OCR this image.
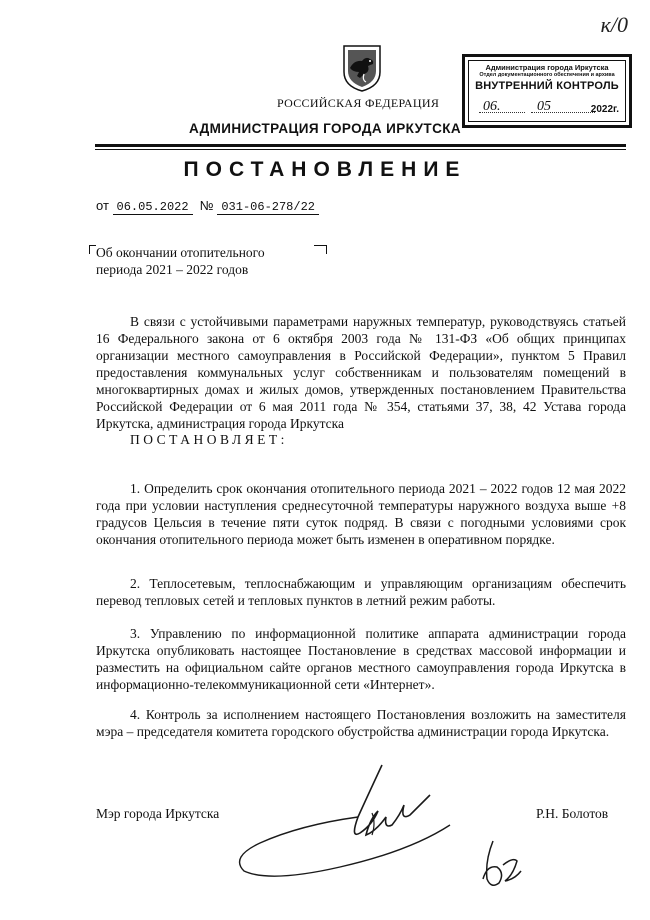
к/0
РОССИЙСКАЯ ФЕДЕРАЦИЯ
Администрация города Иркутска
Отдел документационного обеспечения и архива
ВНУТРЕННИЙ КОНТРОЛЬ
06.	05	2022г.
АДМИНИСТРАЦИЯ ГОРОДА ИРКУТСКА
ПОСТАНОВЛЕНИЕ
от 06.05.2022 № 031-06-278/22
Об окончании отопительного
периода 2021 – 2022 годов
В связи с устойчивыми параметрами наружных температур, руководствуясь статьей 16 Федерального закона от 6 октября 2003 года № 131-ФЗ «Об общих принципах организации местного самоуправления в Российской Федерации», пунктом 5 Правил предоставления коммунальных услуг собственникам и пользователям помещений в многоквартирных домах и жилых домов, утвержденных постановлением Правительства Российской Федерации от 6 мая 2011 года № 354, статьями 37, 38, 42 Устава города Иркутска, администрация города Иркутска
ПОСТАНОВЛЯЕТ:
1. Определить срок окончания отопительного периода 2021 – 2022 годов 12 мая 2022 года при условии наступления среднесуточной температуры наружного воздуха выше +8 градусов Цельсия в течение пяти суток подряд. В связи с погодными условиями срок окончания отопительного периода может быть изменен в оперативном порядке.
2. Теплосетевым, теплоснабжающим и управляющим организациям обеспечить перевод тепловых сетей и тепловых пунктов в летний режим работы.
3. Управлению по информационной политике аппарата администрации города Иркутска опубликовать настоящее Постановление в средствах массовой информации и разместить на официальном сайте органов местного самоуправления города Иркутска в информационно-телекоммуникационной сети «Интернет».
4. Контроль за исполнением настоящего Постановления возложить на заместителя мэра – председателя комитета городского обустройства администрации города Иркутска.
Мэр города Иркутска	Р.Н. Болотов
